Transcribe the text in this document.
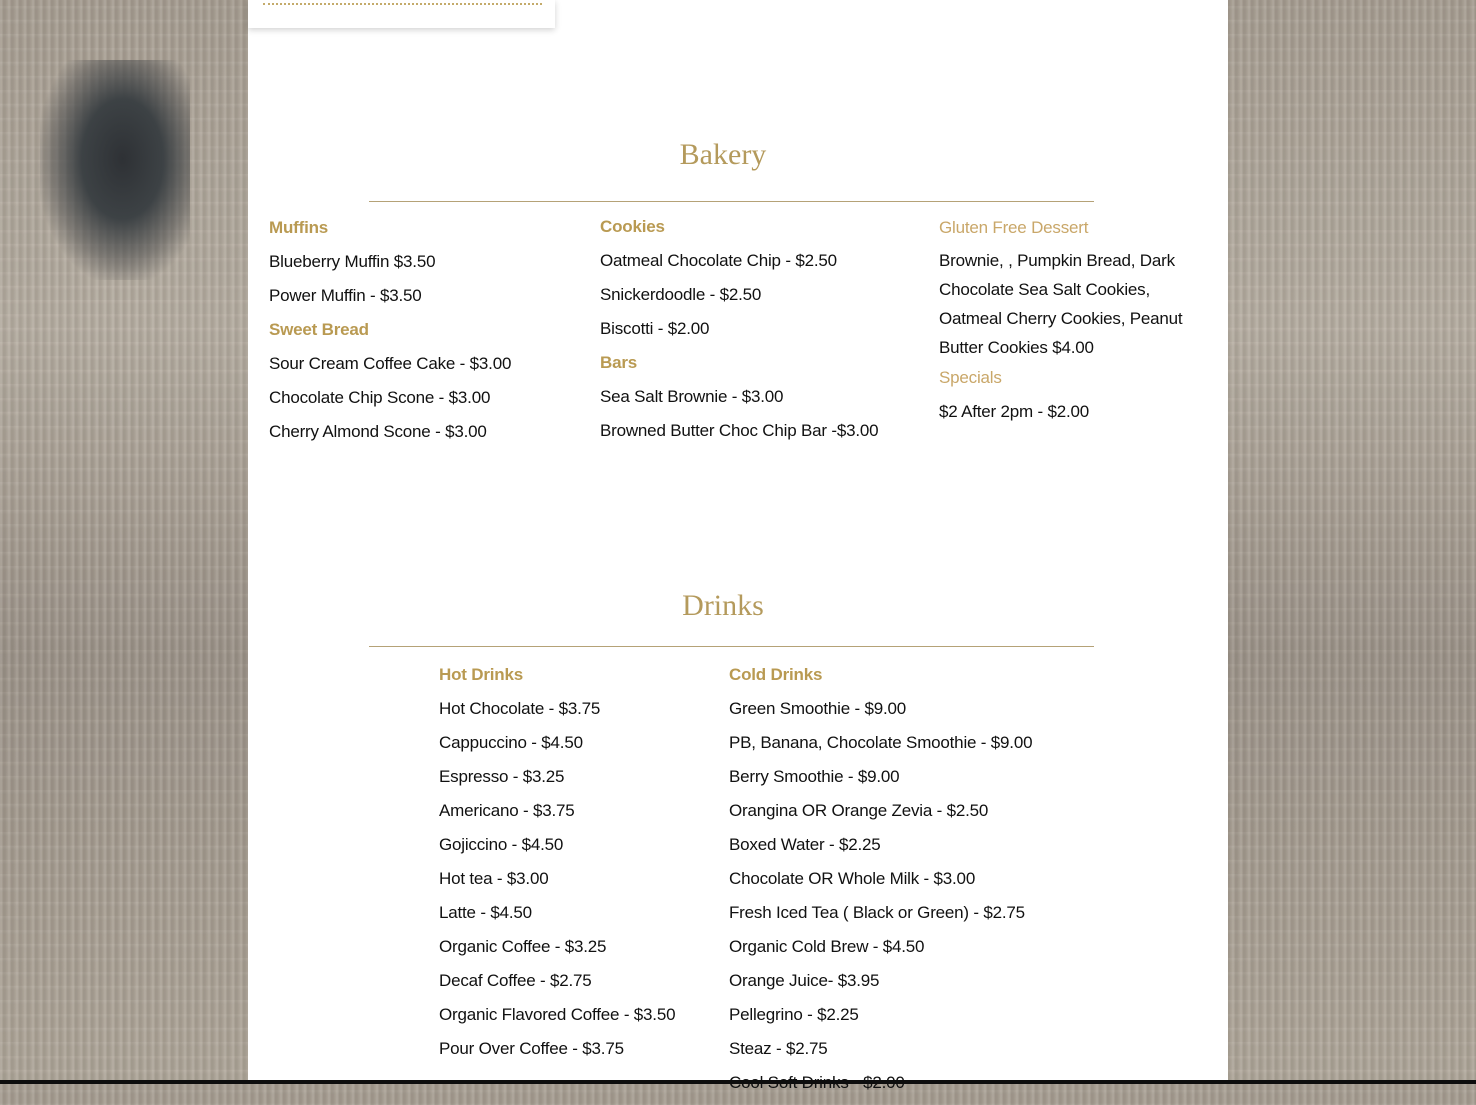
Bakery
Muffins
Blueberry Muffin $3.50
Power Muffin - $3.50
Sweet Bread
Sour Cream Coffee Cake - $3.00
Chocolate Chip Scone - $3.00
Cherry Almond Scone - $3.00
Cookies
Oatmeal Chocolate Chip - $2.50
Snickerdoodle - $2.50
Biscotti - $2.00
Bars
Sea Salt Brownie - $3.00
Browned Butter Choc Chip Bar -$3.00
Gluten Free Dessert
Brownie, , Pumpkin Bread, Dark Chocolate Sea Salt Cookies, Oatmeal Cherry Cookies, Peanut Butter Cookies $4.00
Specials
$2 After 2pm - $2.00
Drinks
Hot Drinks
Hot Chocolate - $3.75
Cappuccino - $4.50
Espresso - $3.25
Americano - $3.75
Gojiccino - $4.50
Hot tea - $3.00
Latte - $4.50
Organic Coffee - $3.25
Decaf Coffee - $2.75
Organic Flavored Coffee - $3.50
Pour Over Coffee - $3.75
Cold Drinks
Green Smoothie - $9.00
PB, Banana, Chocolate Smoothie - $9.00
Berry Smoothie - $9.00
Orangina OR Orange Zevia - $2.50
Boxed Water - $2.25
Chocolate OR Whole Milk - $3.00
Fresh Iced Tea ( Black or Green) - $2.75
Organic Cold Brew - $4.50
Orange Juice- $3.95
Pellegrino - $2.25
Steaz - $2.75
